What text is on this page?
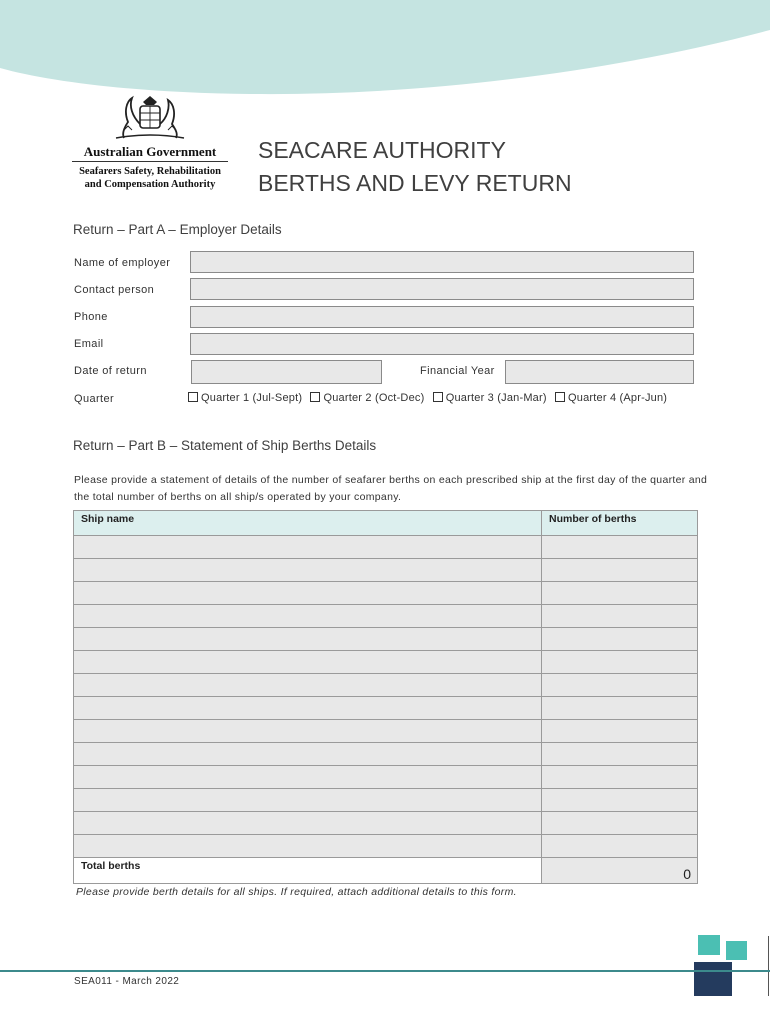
Australian Government
Seafarers Safety, Rehabilitation
and Compensation Authority
SEACARE AUTHORITY
BERTHS AND LEVY RETURN
Return – Part A – Employer Details
Name of employer
Contact person
Phone
Email
Date of return	Financial Year
Quarter	Quarter 1 (Jul-Sept) Quarter 2 (Oct-Dec) Quarter 3 (Jan-Mar) Quarter 4 (Apr-Jun)
Return – Part B – Statement of Ship Berths Details
Please provide a statement of details of the number of seafarer berths on each prescribed ship at the first day of the quarter and the total number of berths on all ship/s operated by your company.
Ship name	Number of berths

Total berths	0
Please provide berth details for all ships. If required, attach additional details to this form.
SEA011 - March 2022
